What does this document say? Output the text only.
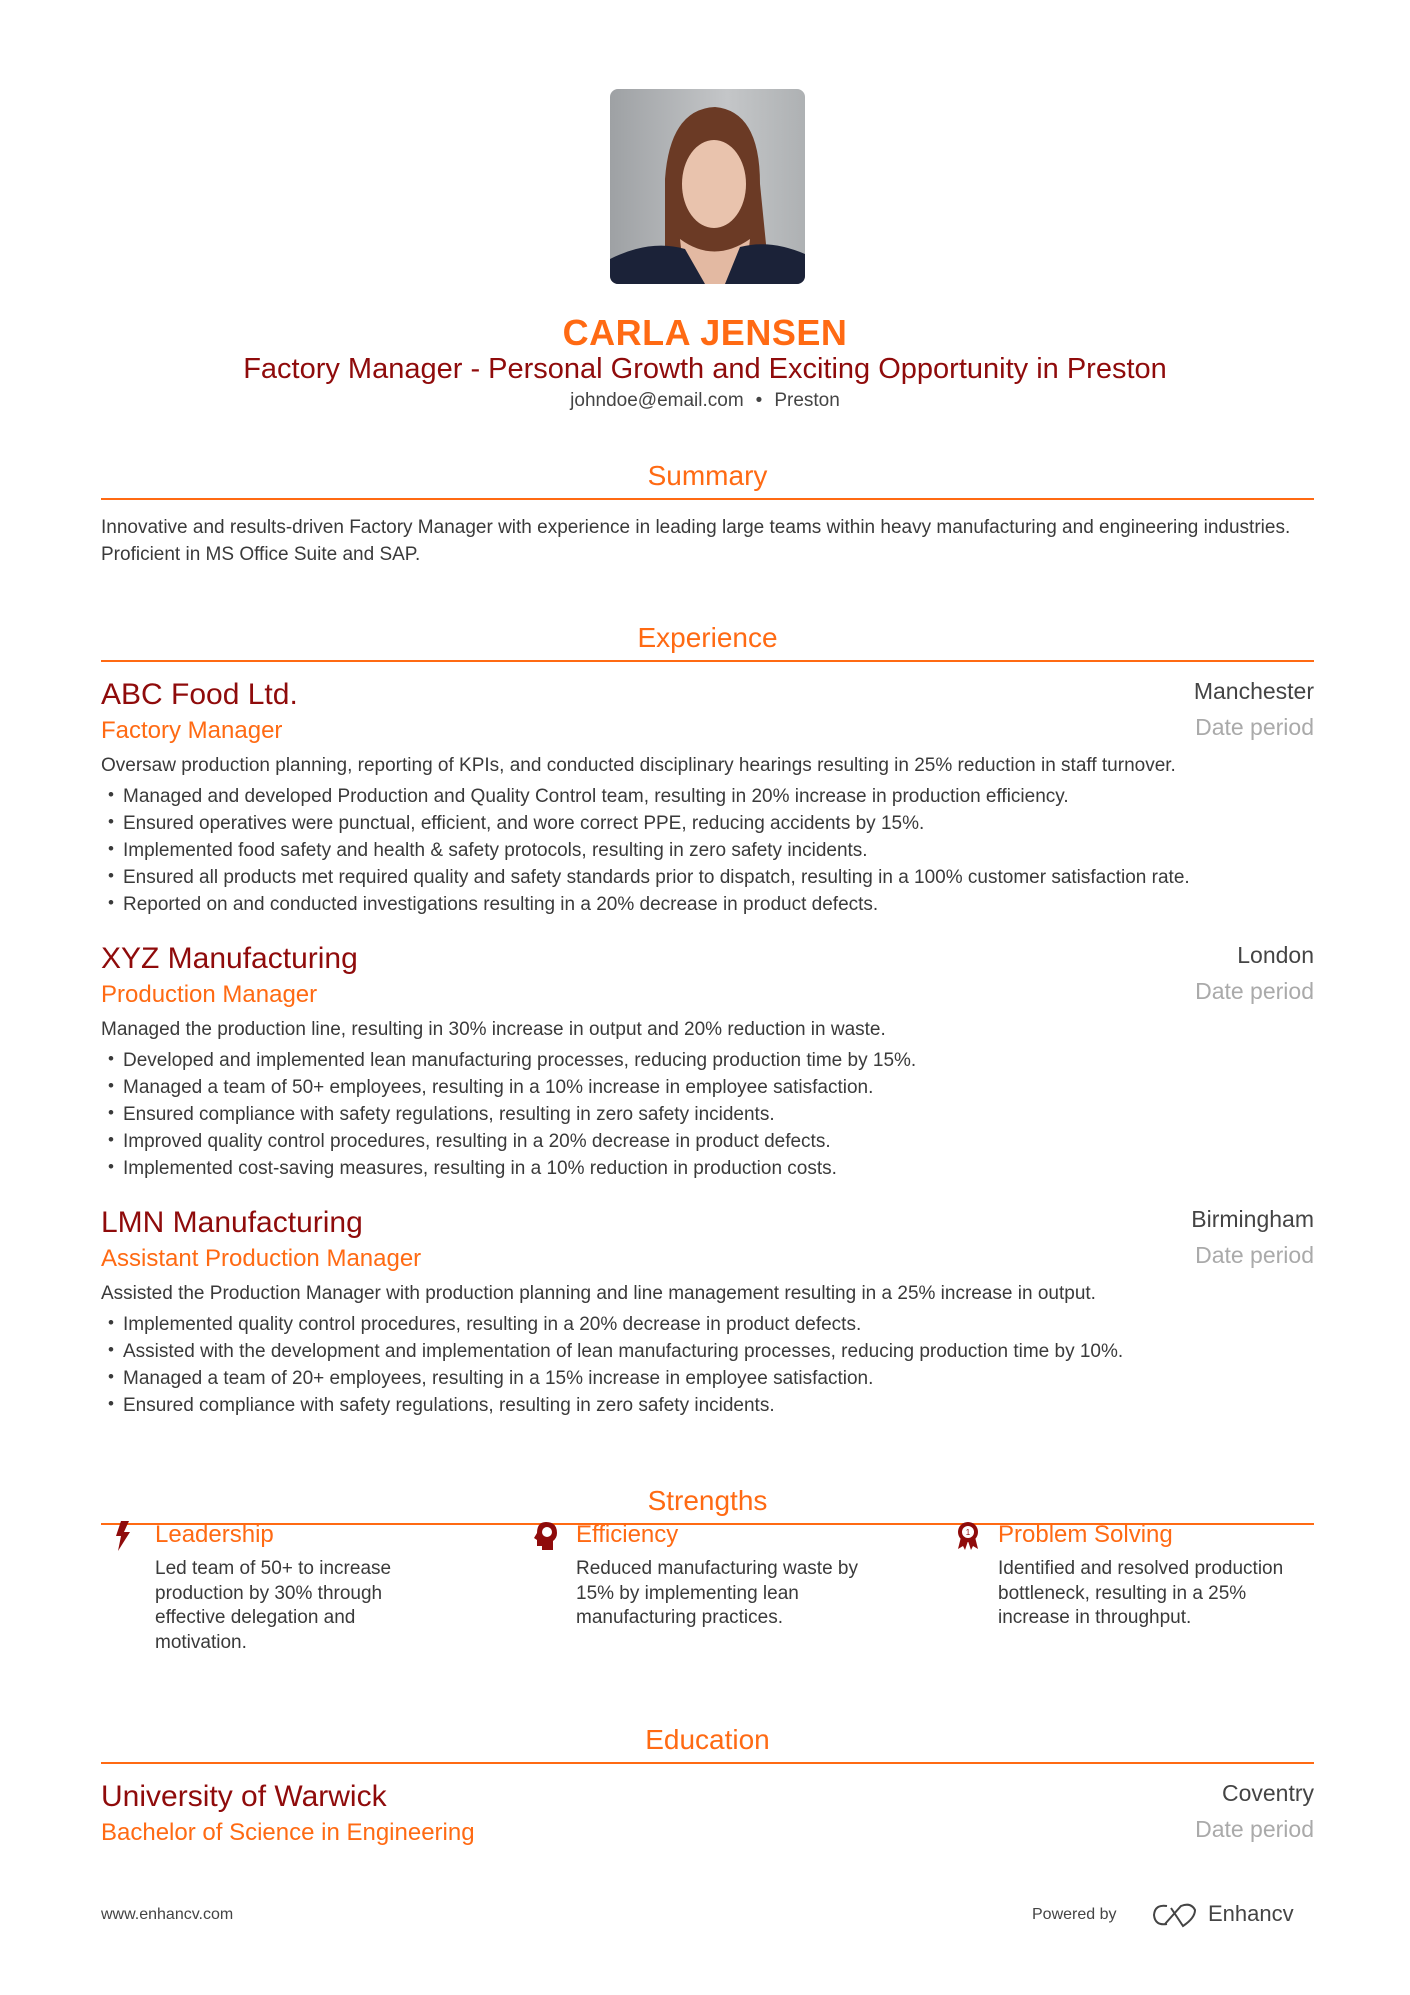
CARLA JENSEN
Factory Manager - Personal Growth and Exciting Opportunity in Preston
johndoe@email.com • Preston
Summary
Innovative and results-driven Factory Manager with experience in leading large teams within heavy manufacturing and engineering industries. Proficient in MS Office Suite and SAP.
Experience
ABC Food Ltd.	Manchester
Factory Manager	Date period
Oversaw production planning, reporting of KPIs, and conducted disciplinary hearings resulting in 25% reduction in staff turnover.
• Managed and developed Production and Quality Control team, resulting in 20% increase in production efficiency.
• Ensured operatives were punctual, efficient, and wore correct PPE, reducing accidents by 15%.
• Implemented food safety and health & safety protocols, resulting in zero safety incidents.
• Ensured all products met required quality and safety standards prior to dispatch, resulting in a 100% customer satisfaction rate.
• Reported on and conducted investigations resulting in a 20% decrease in product defects.
XYZ Manufacturing	London
Production Manager	Date period
Managed the production line, resulting in 30% increase in output and 20% reduction in waste.
• Developed and implemented lean manufacturing processes, reducing production time by 15%.
• Managed a team of 50+ employees, resulting in a 10% increase in employee satisfaction.
• Ensured compliance with safety regulations, resulting in zero safety incidents.
• Improved quality control procedures, resulting in a 20% decrease in product defects.
• Implemented cost-saving measures, resulting in a 10% reduction in production costs.
LMN Manufacturing	Birmingham
Assistant Production Manager	Date period
Assisted the Production Manager with production planning and line management resulting in a 25% increase in output.
• Implemented quality control procedures, resulting in a 20% decrease in product defects.
• Assisted with the development and implementation of lean manufacturing processes, reducing production time by 10%.
• Managed a team of 20+ employees, resulting in a 15% increase in employee satisfaction.
• Ensured compliance with safety regulations, resulting in zero safety incidents.
Strengths
Leadership
Led team of 50+ to increase production by 30% through effective delegation and motivation.
Efficiency
Reduced manufacturing waste by 15% by implementing lean manufacturing practices.
1 Problem Solving
Identified and resolved production bottleneck, resulting in a 25% increase in throughput.
Education
University of Warwick	Coventry
Bachelor of Science in Engineering	Date period
www.enhancv.com	Powered by	Enhancv
